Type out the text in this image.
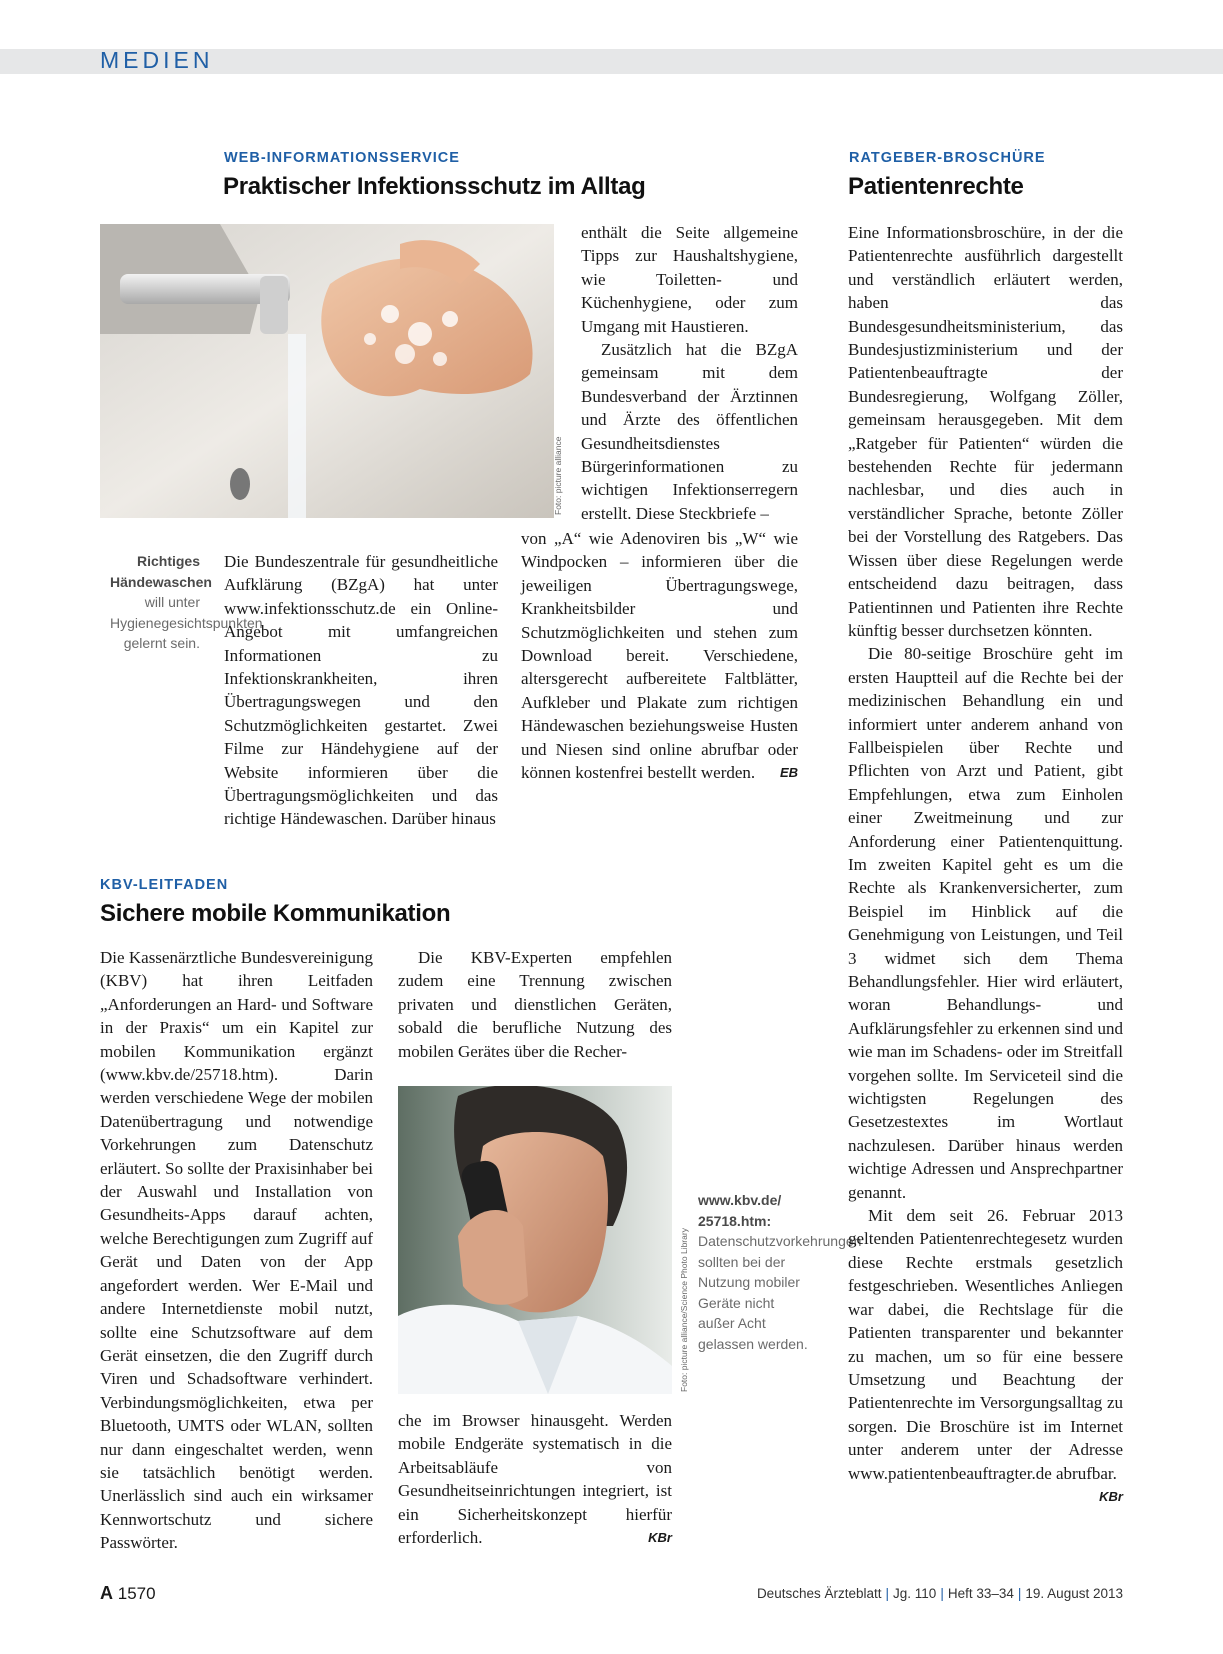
MEDIEN
WEB-INFORMATIONSSERVICE
Praktischer Infektionsschutz im Alltag
Foto: picture alliance
Richtiges Händewaschen will unter Hygienegesichtspunkten gelernt sein.

Die Bundeszentrale für gesundheitliche Aufklärung (BZgA) hat unter www.infektionsschutz.de ein Online-Angebot mit umfangreichen Informationen zu Infektionskrankheiten, ihren Übertragungswegen und den Schutzmöglichkeiten gestartet. Zwei Filme zur Händehygiene auf der Website informieren über die Übertragungsmöglichkeiten und das richtige Händewaschen. Darüber hinaus

enthält die Seite allgemeine Tipps zur Haushaltshygiene, wie Toiletten- und Küchenhygiene, oder zum Umgang mit Haustieren.

Zusätzlich hat die BZgA gemeinsam mit dem Bundesverband der Ärztinnen und Ärzte des öffentlichen Gesundheitsdienstes Bürgerinformationen zu wichtigen Infektionserregern erstellt. Diese Steckbriefe –

von „A“ wie Adenoviren bis „W“ wie Windpocken – informieren über die jeweiligen Übertragungswege, Krankheitsbilder und Schutzmöglichkeiten und stehen zum Download bereit. Verschiedene, altersgerecht aufbereitete Faltblätter, Aufkleber und Plakate zum richtigen Händewaschen beziehungsweise Husten und Niesen sind online abrufbar oder können kostenfrei bestellt werden. EB

KBV-LEITFADEN
Sichere mobile Kommunikation

Die Kassenärztliche Bundesvereinigung (KBV) hat ihren Leitfaden „Anforderungen an Hard- und Software in der Praxis“ um ein Kapitel zur mobilen Kommunikation ergänzt (www.kbv.de/25718.htm). Darin werden verschiedene Wege der mobilen Datenübertragung und notwendige Vorkehrungen zum Datenschutz erläutert. So sollte der Praxisinhaber bei der Auswahl und Installation von Gesundheits-Apps darauf achten, welche Berechtigungen zum Zugriff auf Gerät und Daten von der App angefordert werden. Wer E-Mail und andere Internetdienste mobil nutzt, sollte eine Schutzsoftware auf dem Gerät einsetzen, die den Zugriff durch Viren und Schadsoftware verhindert. Verbindungsmöglichkeiten, etwa per Bluetooth, UMTS oder WLAN, sollten nur dann eingeschaltet werden, wenn sie tatsächlich benötigt werden. Unerlässlich sind auch ein wirksamer Kennwortschutz und sichere Passwörter.

Die KBV-Experten empfehlen zudem eine Trennung zwischen privaten und dienstlichen Geräten, sobald die berufliche Nutzung des mobilen Gerätes über die Recher-

Foto: picture alliance/Science Photo Library
www.kbv.de/ 25718.htm: Datenschutzvorkehrungen sollten bei der Nutzung mobiler Geräte nicht außer Acht gelassen werden.

che im Browser hinausgeht. Werden mobile Endgeräte systematisch in die Arbeitsabläufe von Gesundheitseinrichtungen integriert, ist ein Sicherheitskonzept hierfür erforderlich.	KBr

RATGEBER-BROSCHÜRE
Patientenrechte

Eine Informationsbroschüre, in der die Patientenrechte ausführlich dargestellt und verständlich erläutert werden, haben das Bundesgesundheitsministerium, das Bundesjustizministerium und der Patientenbeauftragte der Bundesregierung, Wolfgang Zöller, gemeinsam herausgegeben. Mit dem „Ratgeber für Patienten“ würden die bestehenden Rechte für jedermann nachlesbar, und dies auch in verständlicher Sprache, betonte Zöller bei der Vorstellung des Ratgebers. Das Wissen über diese Regelungen werde entscheidend dazu beitragen, dass Patientinnen und Patienten ihre Rechte künftig besser durchsetzen könnten.

Die 80-seitige Broschüre geht im ersten Hauptteil auf die Rechte bei der medizinischen Behandlung ein und informiert unter anderem anhand von Fallbeispielen über Rechte und Pflichten von Arzt und Patient, gibt Empfehlungen, etwa zum Einholen einer Zweitmeinung und zur Anforderung einer Patientenquittung. Im zweiten Kapitel geht es um die Rechte als Krankenversicherter, zum Beispiel im Hinblick auf die Genehmigung von Leistungen, und Teil 3 widmet sich dem Thema Behandlungsfehler. Hier wird erläutert, woran Behandlungs- und Aufklärungsfehler zu erkennen sind und wie man im Schadens- oder im Streitfall vorgehen sollte. Im Serviceteil sind die wichtigsten Regelungen des Gesetzestextes im Wortlaut nachzulesen. Darüber hinaus werden wichtige Adressen und Ansprechpartner genannt.

Mit dem seit 26. Februar 2013 geltenden Patientenrechtegesetz wurden diese Rechte erstmals gesetzlich festgeschrieben. Wesentliches Anliegen war dabei, die Rechtslage für die Patienten transparenter und bekannter zu machen, um so für eine bessere Umsetzung und Beachtung der Patientenrechte im Versorgungsalltag zu sorgen. Die Broschüre ist im Internet unter anderem unter der Adresse www.patientenbeauftragter.de abrufbar.
KBr

A 1570	Deutsches Ärzteblatt | Jg. 110 | Heft 33–34 | 19. August 2013
